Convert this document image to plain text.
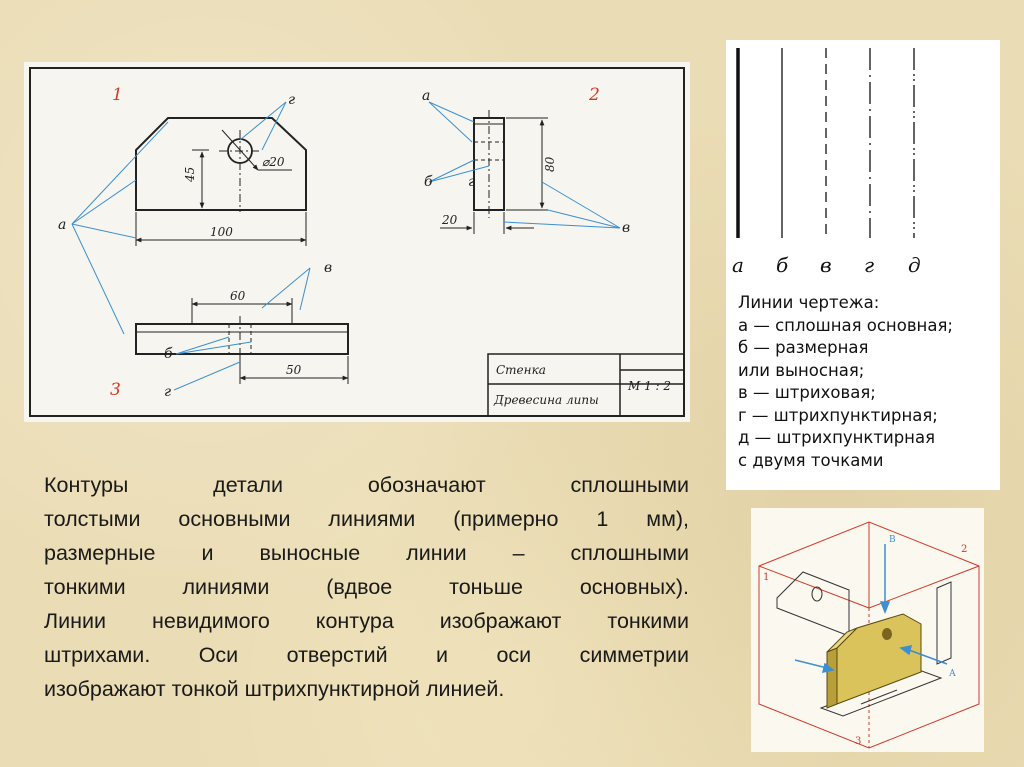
1	2
3
а
а
г
в
б	г
в
б
г
45
100
⌀20	80
20
60
50	Стенка
М 1 : 2
Древесина липы
а б в г д
Линии чертежа:
а — сплошная основная;
б — размерная
или выносная;
в — штриховая;
г — штрихпунктирная;
д — штрихпунктирная
с двумя точками
1
2
3
В
А
Контуры детали обозначают сплошными
толстыми основными линиями (примерно 1 мм),
размерные и выносные линии – сплошными
тонкими линиями (вдвое тоньше основных).
Линии невидимого контура изображают тонкими
штрихами. Оси отверстий и оси симметрии
изображают тонкой штрихпунктирной линией.
